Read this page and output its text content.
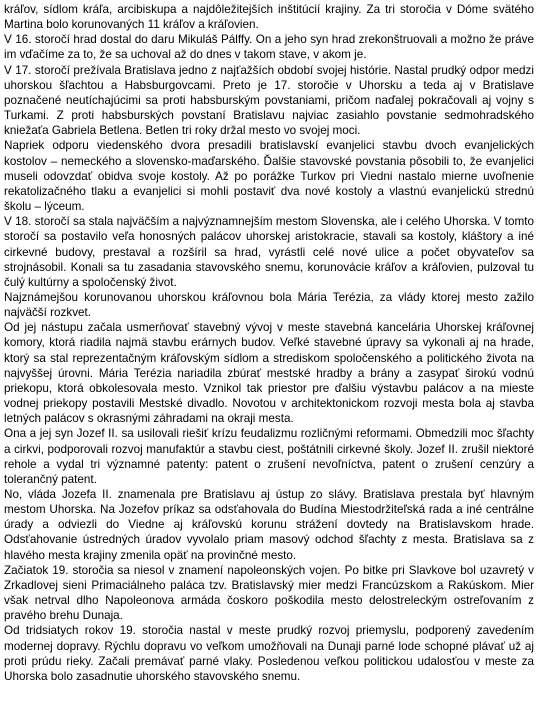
kráľov, sídlom kráľa, arcibiskupa a najdôležitejších inštitúcií krajiny. Za tri storočia v Dóme svätého Martina bolo korunovaných 11 kráľov a kráľovien.

V 16. storočí hrad dostal do daru Mikuláš Pálffy. On a jeho syn hrad zrekonštruovali a možno že práve im vďačíme za to, že sa uchoval až do dnes v takom stave, v akom je.

V 17. storočí prežívala Bratislava jedno z najťažších období svojej histórie. Nastal prudký odpor medzi uhorskou šľachtou a Habsburgovcami. Preto je 17. storočie v Uhorsku a teda aj v Bratislave poznačené neutíchajúcimi sa proti habsburským povstaniami, pričom naďalej pokračovali aj vojny s Turkami. Z proti habsburských povstaní Bratislavu najviac zasiahlo povstanie sedmohradského kniežaťa Gabriela Betlena. Betlen tri roky držal mesto vo svojej moci.

Napriek odporu viedenského dvora presadili bratislavskí evanjelici stavbu dvoch evanjelických kostolov – nemeckého a slovensko-maďarského. Ďalšie stavovské povstania pôsobili to, že evanjelici museli odovzdať obidva svoje kostoly. Až po porážke Turkov pri Viedni nastalo mierne uvoľnenie rekatolizačného tlaku a evanjelici si mohli postaviť dva nové kostoly a vlastnú evanjelickú strednú školu – lýceum.

V 18. storočí sa stala najväčším a najvýznamnejším mestom Slovenska, ale i celého Uhorska. V tomto storočí sa postavilo veľa honosných palácov uhorskej aristokracie, stavali sa kostoly, kláštory a iné cirkevné budovy, prestaval a rozšíril sa hrad, vyrástli celé nové ulice a počet obyvateľov sa strojnásobil. Konali sa tu zasadania stavovského snemu, korunovácie kráľov a kráľovien, pulzoval tu čulý kultúrny a spoločenský život.

Najznámejšou korunovanou uhorskou kráľovnou bola Mária Terézia, za vlády ktorej mesto zažilo najväčší rozkvet.

Od jej nástupu začala usmerňovať stavebný vývoj v meste stavebná kancelária Uhorskej kráľovnej komory, ktorá riadila najmä stavbu erárnych budov. Veľké stavebné úpravy sa vykonali aj na hrade, ktorý sa stal reprezentačným kráľovským sídlom a strediskom spoločenského a politického života na najvyššej úrovni. Mária Terézia nariadila zbúrať mestské hradby a brány a zasypať širokú vodnú priekopu, ktorá obkolesovala mesto. Vznikol tak priestor pre ďalšiu výstavbu palácov a na mieste vodnej priekopy postavili Mestské divadlo. Novotou v architektonickom rozvoji mesta bola aj stavba letných palácov s okrasnými záhradami na okraji mesta.

Ona a jej syn Jozef II. sa usilovali riešiť krízu feudalizmu rozličnými reformami. Obmedzili moc šľachty a cirkvi, podporovali rozvoj manufaktúr a stavbu ciest, poštátnili cirkevné školy. Jozef II. zrušil niektoré rehole a vydal tri významné patenty: patent o zrušení nevoľníctva, patent o zrušení cenzúry a tolerančný patent.

No, vláda Jozefa II. znamenala pre Bratislavu aj ústup zo slávy. Bratislava prestala byť hlavným mestom Uhorska. Na Jozefov príkaz sa odsťahovala do Budína Miestodržiteľská rada a iné centrálne úrady a odviezli do Viedne aj kráľovskú korunu strážení dovtedy na Bratislavskom hrade. Odsťahovanie ústredných úradov vyvolalo priam masový odchod šľachty z mesta. Bratislava sa z hlavého mesta krajiny zmenila opäť na provinčné mesto.

Začiatok 19. storočia sa niesol v znamení napoleonských vojen. Po bitke pri Slavkove bol uzavretý v Zrkadlovej sieni Primaciálneho paláca tzv. Bratislavský mier medzi Francúzskom a Rakúskom. Mier však netrval dlho Napoleonova armáda čoskoro poškodila mesto delostreleckým ostreľovaním z pravého brehu Dunaja.

Od tridsiatych rokov 19. storočia nastal v meste prudký rozvoj priemyslu, podporený zavedením modernej dopravy. Rýchlu dopravu vo veľkom umožňovali na Dunaji parné lode schopné plávať už aj proti prúdu rieky. Začali premávať parné vlaky. Posledenou veľkou politickou udalosťou v meste za Uhorska bolo zasadnutie uhorského stavovského snemu.
